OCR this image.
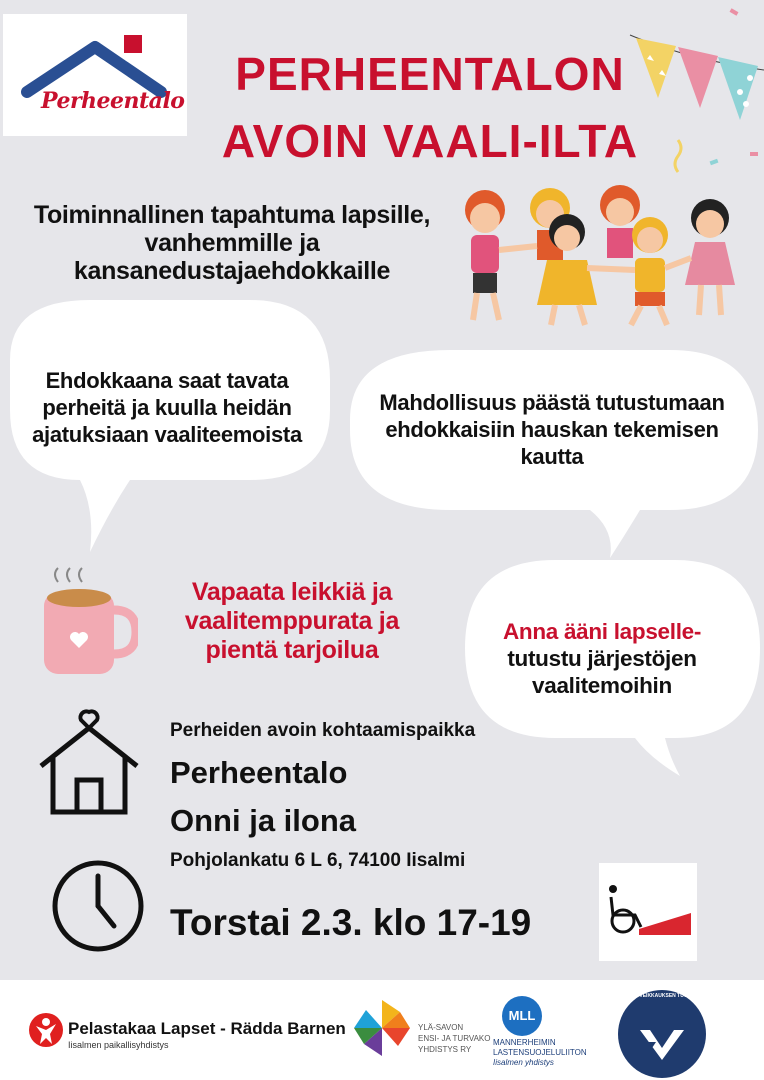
Perheentalo
PERHEENTALON
AVOIN VAALI-ILTA
Toiminnallinen tapahtuma lapsille,
vanhemmille ja
kansanedustajaehdokkaille
Ehdokkaana saat tavata
perheitä ja kuulla heidän
ajatuksiaan vaaliteemoista
Mahdollisuus päästä tutustumaan
ehdokkaisiin hauskan tekemisen
kautta
Anna ääni lapselle-
tutustu järjestöjen
vaalitemoihin
Vapaata leikkiä ja
vaalitemppurata ja
pientä tarjoilua
Perheiden avoin kohtaamispaikka
Perheentalo
Onni ja ilona
Pohjolankatu 6 L 6, 74100 Iisalmi
Torstai 2.3. klo 17-19
Pelastakaa Lapset - Rädda Barnen
Iisalmen paikallisyhdistys
YLÄ-SAVON
ENSI- JA TURVAKO
YHDISTYS RY
MLL
MANNERHEIMIN
LASTENSUOJELULIITON
Iisalmen yhdistys
TUETTU VEIKKAUKSEN TUOTOILLA
